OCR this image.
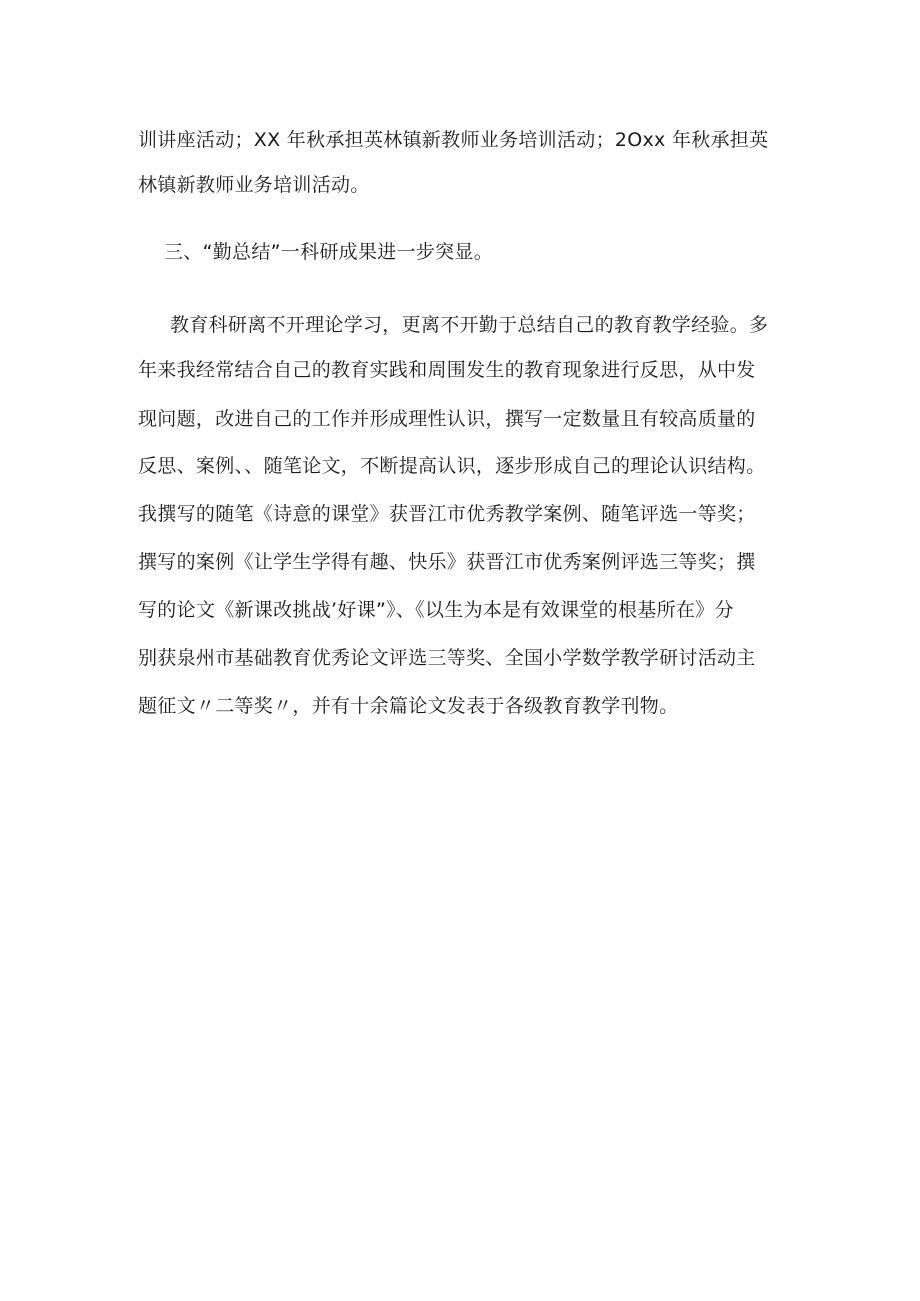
训讲座活动；XX 年秋承担英林镇新教师业务培训活动；2Oxx 年秋承担英
林镇新教师业务培训活动。
三、“勤总结”一科研成果进一步突显。
教育科研离不开理论学习，更离不开勤于总结自己的教育教学经验。多
年来我经常结合自己的教育实践和周围发生的教育现象进行反思，从中发
现问题，改进自己的工作并形成理性认识，撰写一定数量且有较高质量的
反思、案例、、随笔论文，不断提高认识，逐步形成自己的理论认识结构。
我撰写的随笔《诗意的课堂》获晋江市优秀教学案例、随笔评选一等奖；
撰写的案例《让学生学得有趣、快乐》获晋江市优秀案例评选三等奖；撰
写的论文《新课改挑战’好课”》、《以生为本是有效课堂的根基所在》分
别获泉州市基础教育优秀论文评选三等奖、全国小学数学教学研讨活动主
题征文〃二等奖〃，并有十余篇论文发表于各级教育教学刊物。
